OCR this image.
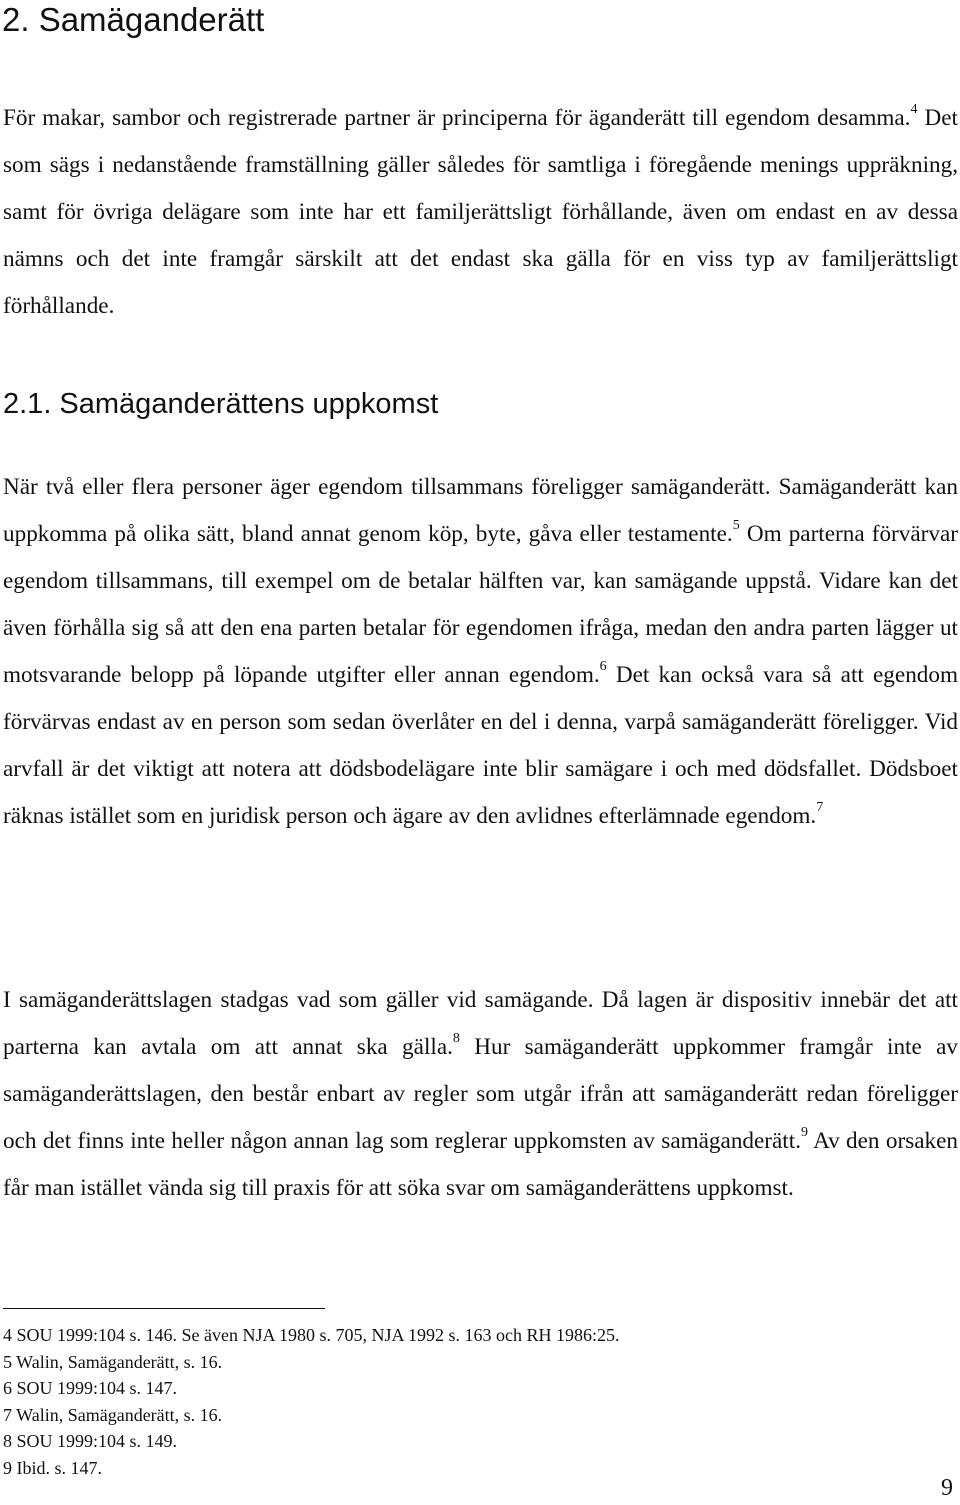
2. Samäganderätt

För makar, sambor och registrerade partner är principerna för äganderätt till egendom desamma.$^4$ Det som sägs i nedanstående framställning gäller således för samtliga i föregående menings uppräkning, samt för övriga delägare som inte har ett familjerättsligt förhållande, även om endast en av dessa nämns och det inte framgår särskilt att det endast ska gälla för en viss typ av familjerättsligt förhållande.

2.1. Samäganderättens uppkomst

När två eller flera personer äger egendom tillsammans föreligger samäganderätt. Samäganderätt kan uppkomma på olika sätt, bland annat genom köp, byte, gåva eller testamente.$^5$ Om parterna förvärvar egendom tillsammans, till exempel om de betalar hälften var, kan samägande uppstå. Vidare kan det även förhålla sig så att den ena parten betalar för egendomen ifråga, medan den andra parten lägger ut motsvarande belopp på löpande utgifter eller annan egendom.$^6$ Det kan också vara så att egendom förvärvas endast av en person som sedan överlåter en del i denna, varpå samäganderätt föreligger. Vid arvfall är det viktigt att notera att dödsbodelägare inte blir samägare i och med dödsfallet. Dödsboet räknas istället som en juridisk person och ägare av den avlidnes efterlämnade egendom.$^7$

I samäganderättslagen stadgas vad som gäller vid samägande. Då lagen är dispositiv innebär det att parterna kan avtala om att annat ska gälla.$^8$ Hur samäganderätt uppkommer framgår inte av samäganderättslagen, den består enbart av regler som utgår ifrån att samäganderätt redan föreligger och det finns inte heller någon annan lag som reglerar uppkomsten av samäganderätt.$^9$ Av den orsaken får man istället vända sig till praxis för att söka svar om samäganderättens uppkomst.

4 SOU 1999:104 s. 146. Se även NJA 1980 s. 705, NJA 1992 s. 163 och RH 1986:25.
5 Walin, Samäganderätt, s. 16.
6 SOU 1999:104 s. 147.
7 Walin, Samäganderätt, s. 16.
8 SOU 1999:104 s. 149.
9 Ibid. s. 147.
9
